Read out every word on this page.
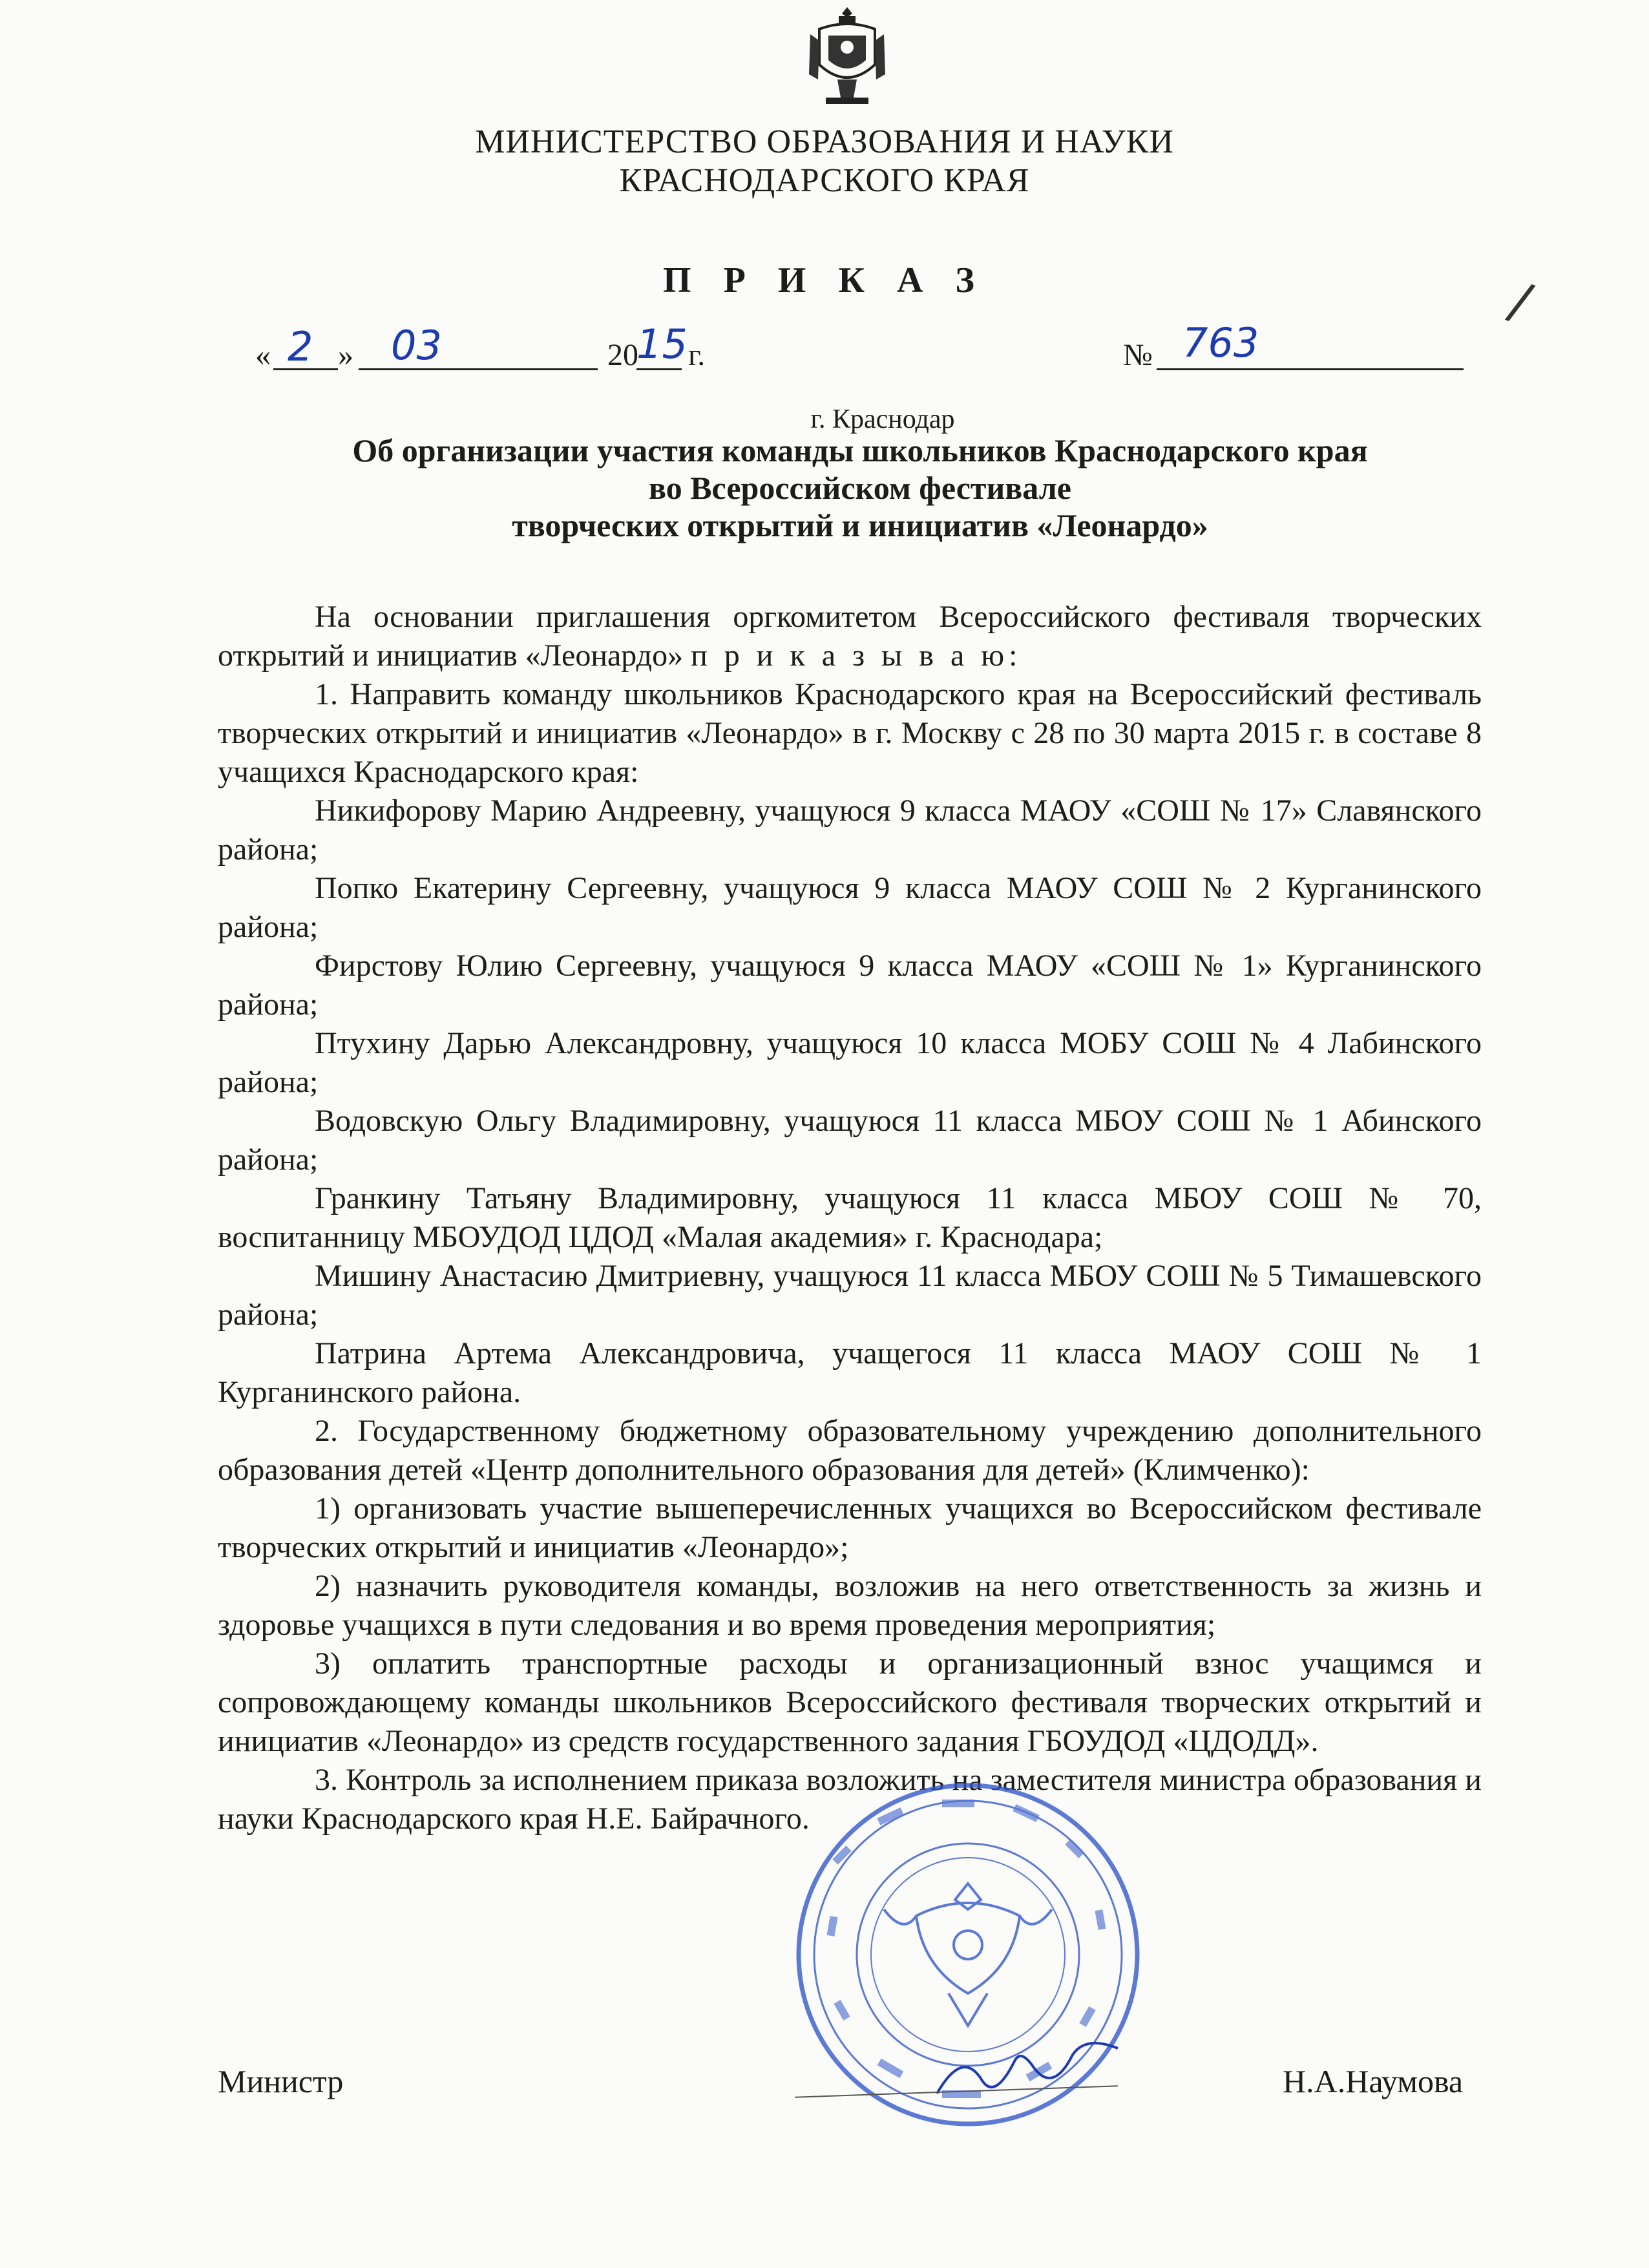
МИНИСТЕРСТВО ОБРАЗОВАНИЯ И НАУКИ
КРАСНОДАРСКОГО КРАЯ
П Р И К А З	/
« 2 » 03	20
15 г.	№ 763
г. Краснодар
Об организации участия команды школьников Краснодарского края
во Всероссийском фестивале
творческих открытий и инициатив «Леонардо»

На основании приглашения оргкомитетом Всероссийского фестиваля творческих открытий и инициатив «Леонардо» п р и к а з ы в а ю:

1. Направить команду школьников Краснодарского края на Всероссийский фестиваль творческих открытий и инициатив «Леонардо» в г. Москву с 28 по 30 марта 2015 г. в составе 8 учащихся Краснодарского края:

Никифорову Марию Андреевну, учащуюся 9 класса МАОУ «СОШ № 17» Славянского района;

Попко Екатерину Сергеевну, учащуюся 9 класса МАОУ СОШ № 2 Курганинского района;

Фирстову Юлию Сергеевну, учащуюся 9 класса МАОУ «СОШ № 1» Курганинского района;

Птухину Дарью Александровну, учащуюся 10 класса МОБУ СОШ № 4 Лабинского района;

Водовскую Ольгу Владимировну, учащуюся 11 класса МБОУ СОШ № 1 Абинского района;

Гранкину Татьяну Владимировну, учащуюся 11 класса МБОУ СОШ № 70, воспитанницу МБОУДОД ЦДОД «Малая академия» г. Краснодара;

Мишину Анастасию Дмитриевну, учащуюся 11 класса МБОУ СОШ № 5 Тимашевского района;

Патрина Артема Александровича, учащегося 11 класса МАОУ СОШ № 1 Курганинского района.

2. Государственному бюджетному образовательному учреждению дополнительного образования детей «Центр дополнительного образования для детей» (Климченко):

1) организовать участие вышеперечисленных учащихся во Всероссийском фестивале творческих открытий и инициатив «Леонардо»;

2) назначить руководителя команды, возложив на него ответственность за жизнь и здоровье учащихся в пути следования и во время проведения мероприятия;

3) оплатить транспортные расходы и организационный взнос учащимся и сопровождающему команды школьников Всероссийского фестиваля творческих открытий и инициатив «Леонардо» из средств государственного задания ГБОУДОД «ЦДОДД».

3. Контроль за исполнением приказа возложить на заместителя министра образования и науки Краснодарского края Н.Е. Байрачного.

Министр	Н.А.Наумова
